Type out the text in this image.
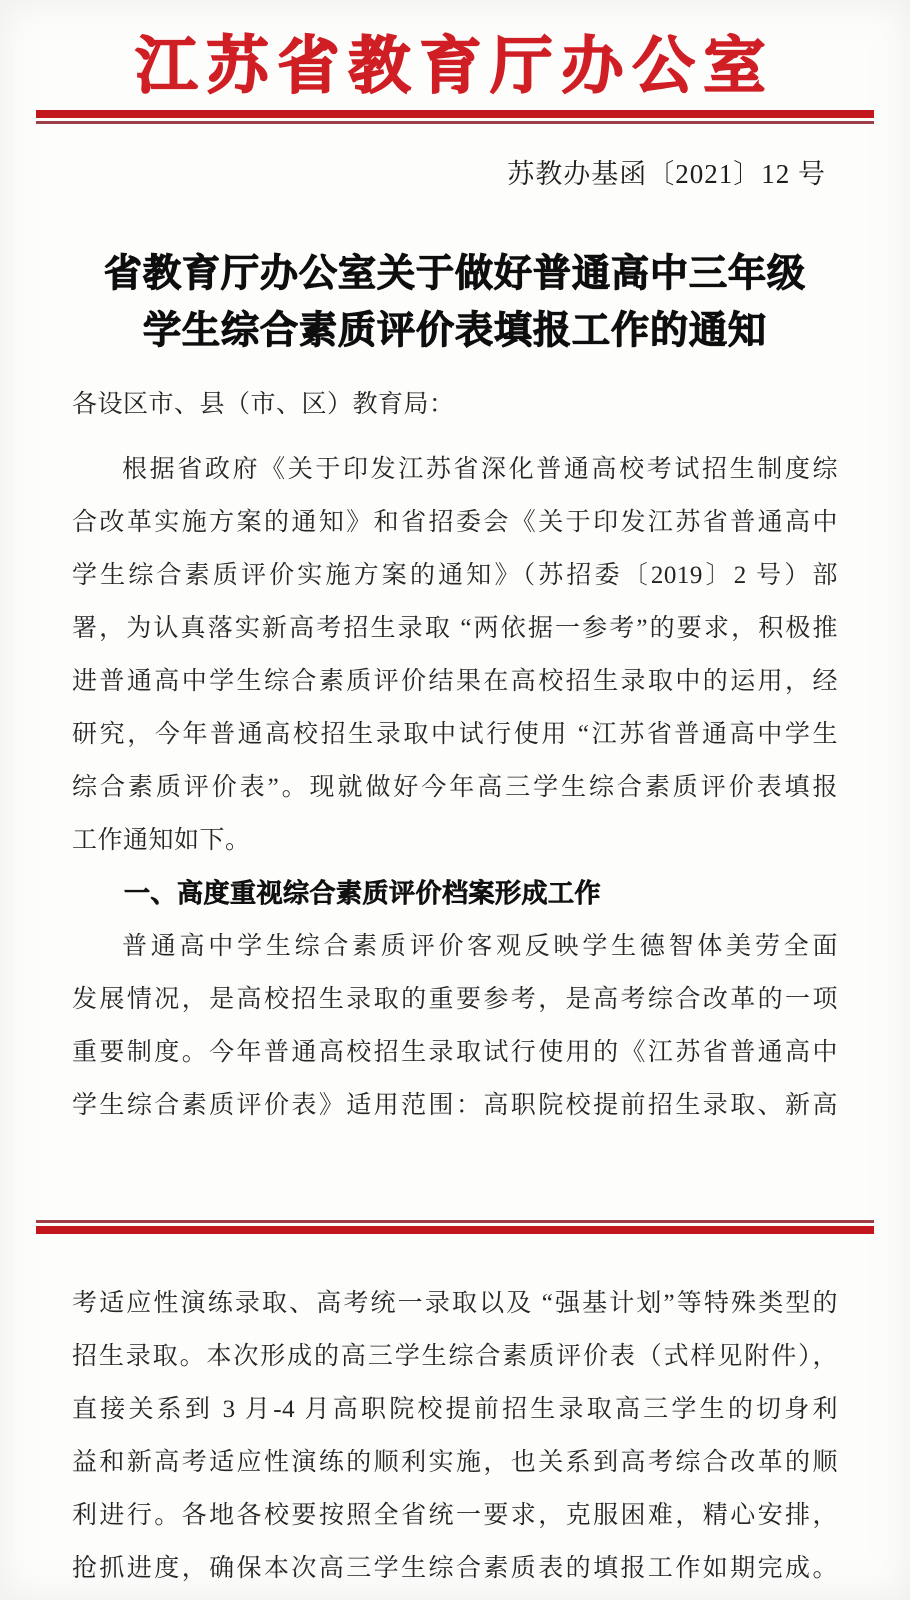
江苏省教育厅办公室
苏教办基函〔2021〕12 号
省教育厅办公室关于做好普通高中三年级
学生综合素质评价表填报工作的通知
各设区市、县（市、区）教育局：
根据省政府《关于印发江苏省深化普通高校考试招生制度综
合改革实施方案的通知》和省招委会《关于印发江苏省普通高中
学生综合素质评价实施方案的通知》（苏招委〔2019〕2 号）部
署，为认真落实新高考招生录取 “两依据一参考”的要求，积极推
进普通高中学生综合素质评价结果在高校招生录取中的运用，经
研究，今年普通高校招生录取中试行使用 “江苏省普通高中学生
综合素质评价表”。现就做好今年高三学生综合素质评价表填报
工作通知如下。
一、高度重视综合素质评价档案形成工作
普通高中学生综合素质评价客观反映学生德智体美劳全面
发展情况，是高校招生录取的重要参考，是高考综合改革的一项
重要制度。今年普通高校招生录取试行使用的《江苏省普通高中
学生综合素质评价表》适用范围：高职院校提前招生录取、新高
考适应性演练录取、高考统一录取以及 “强基计划”等特殊类型的
招生录取。本次形成的高三学生综合素质评价表（式样见附件），
直接关系到 3 月-4 月高职院校提前招生录取高三学生的切身利
益和新高考适应性演练的顺利实施，也关系到高考综合改革的顺
利进行。各地各校要按照全省统一要求，克服困难，精心安排，
抢抓进度，确保本次高三学生综合素质表的填报工作如期完成。
